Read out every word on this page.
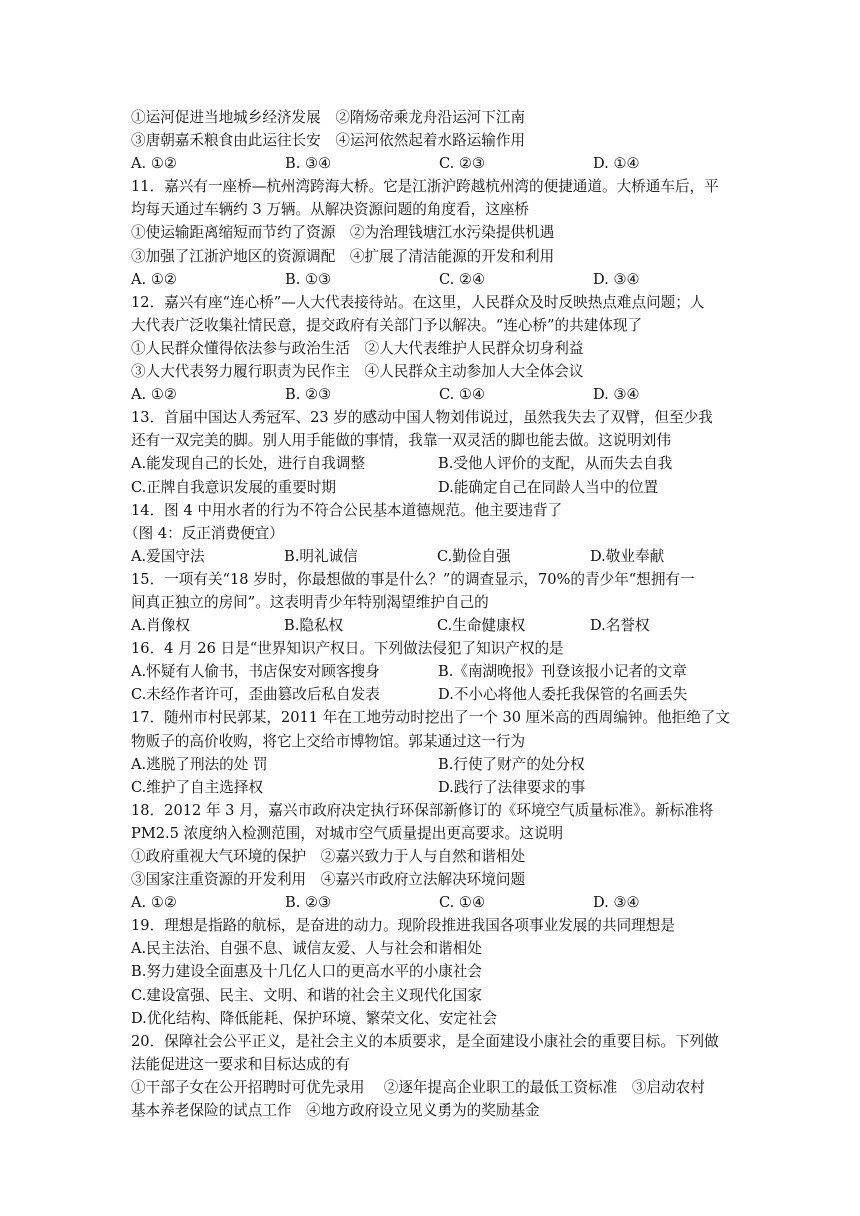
①运河促进当地城乡经济发展　②隋炀帝乘龙舟沿运河下江南
③唐朝嘉禾粮食由此运往长安　④运河依然起着水路运输作用
A. ①②	B. ③④	C. ②③	D. ①④
11．嘉兴有一座桥—杭州湾跨海大桥。它是江浙沪跨越杭州湾的便捷通道。大桥通车后，平
均每天通过车辆约 3 万辆。从解决资源问题的角度看，这座桥
①使运输距离缩短而节约了资源　②为治理钱塘江水污染提供机遇
③加强了江浙沪地区的资源调配　④扩展了清洁能源的开发和利用
A. ①②	B. ①③	C. ②④	D. ③④
12．嘉兴有座“连心桥”—人大代表接待站。在这里，人民群众及时反映热点难点问题；人
大代表广泛收集社情民意，提交政府有关部门予以解决。“连心桥”的共建体现了
①人民群众懂得依法参与政治生活　②人大代表维护人民群众切身利益
③人大代表努力履行职责为民作主　④人民群众主动参加人大全体会议
A. ①②	B. ②③	C. ①④	D. ③④
13．首届中国达人秀冠军、23 岁的感动中国人物刘伟说过，虽然我失去了双臂，但至少我
还有一双完美的脚。别人用手能做的事情，我靠一双灵活的脚也能去做。这说明刘伟
A.能发现自己的长处，进行自我调整	B.受他人评价的支配，从而失去自我
C.正牌自我意识发展的重要时期	D.能确定自己在同龄人当中的位置
14．图 4 中用水者的行为不符合公民基本道德规范。他主要违背了
（图 4：反正消费便宜）
A.爱国守法	B.明礼诚信	C.勤俭自强	D.敬业奉献
15．一项有关“18 岁时，你最想做的事是什么？”的调查显示，70%的青少年“想拥有一
间真正独立的房间”。这表明青少年特别渴望维护自己的
A.肖像权	B.隐私权	C.生命健康权	D.名誉权
16．4 月 26 日是“世界知识产权日。下列做法侵犯了知识产权的是
A.怀疑有人偷书，书店保安对顾客搜身	B.《南湖晚报》刊登该报小记者的文章
C.未经作者许可，歪曲篡改后私自发表	D.不小心将他人委托我保管的名画丢失
17．随州市村民郭某，2011 年在工地劳动时挖出了一个 30 厘米高的西周编钟。他拒绝了文
物贩子的高价收购，将它上交给市博物馆。郭某通过这一行为
A.逃脱了刑法的处 罚	B.行使了财产的处分权
C.维护了自主选择权	D.践行了法律要求的事
18．2012 年 3 月，嘉兴市政府决定执行环保部新修订的《环境空气质量标准》。新标准将
PM2.5 浓度纳入检测范围，对城市空气质量提出更高要求。这说明
①政府重视大气环境的保护　②嘉兴致力于人与自然和谐相处
③国家注重资源的开发利用　④嘉兴市政府立法解决环境问题
A. ①②	B. ②③	C. ①④	D. ③④
19．理想是指路的航标，是奋进的动力。现阶段推进我国各项事业发展的共同理想是
A.民主法治、自强不息、诚信友爱、人与社会和谐相处
B.努力建设全面惠及十几亿人口的更高水平的小康社会
C.建设富强、民主、文明、和谐的社会主义现代化国家
D.优化结构、降低能耗、保护环境、繁荣文化、安定社会
20．保障社会公平正义，是社会主义的本质要求，是全面建设小康社会的重要目标。下列做
法能促进这一要求和目标达成的有
①干部子女在公开招聘时可优先录用　 ②逐年提高企业职工的最低工资标准　③启动农村
基本养老保险的试点工作　④地方政府设立见义勇为的奖励基金
